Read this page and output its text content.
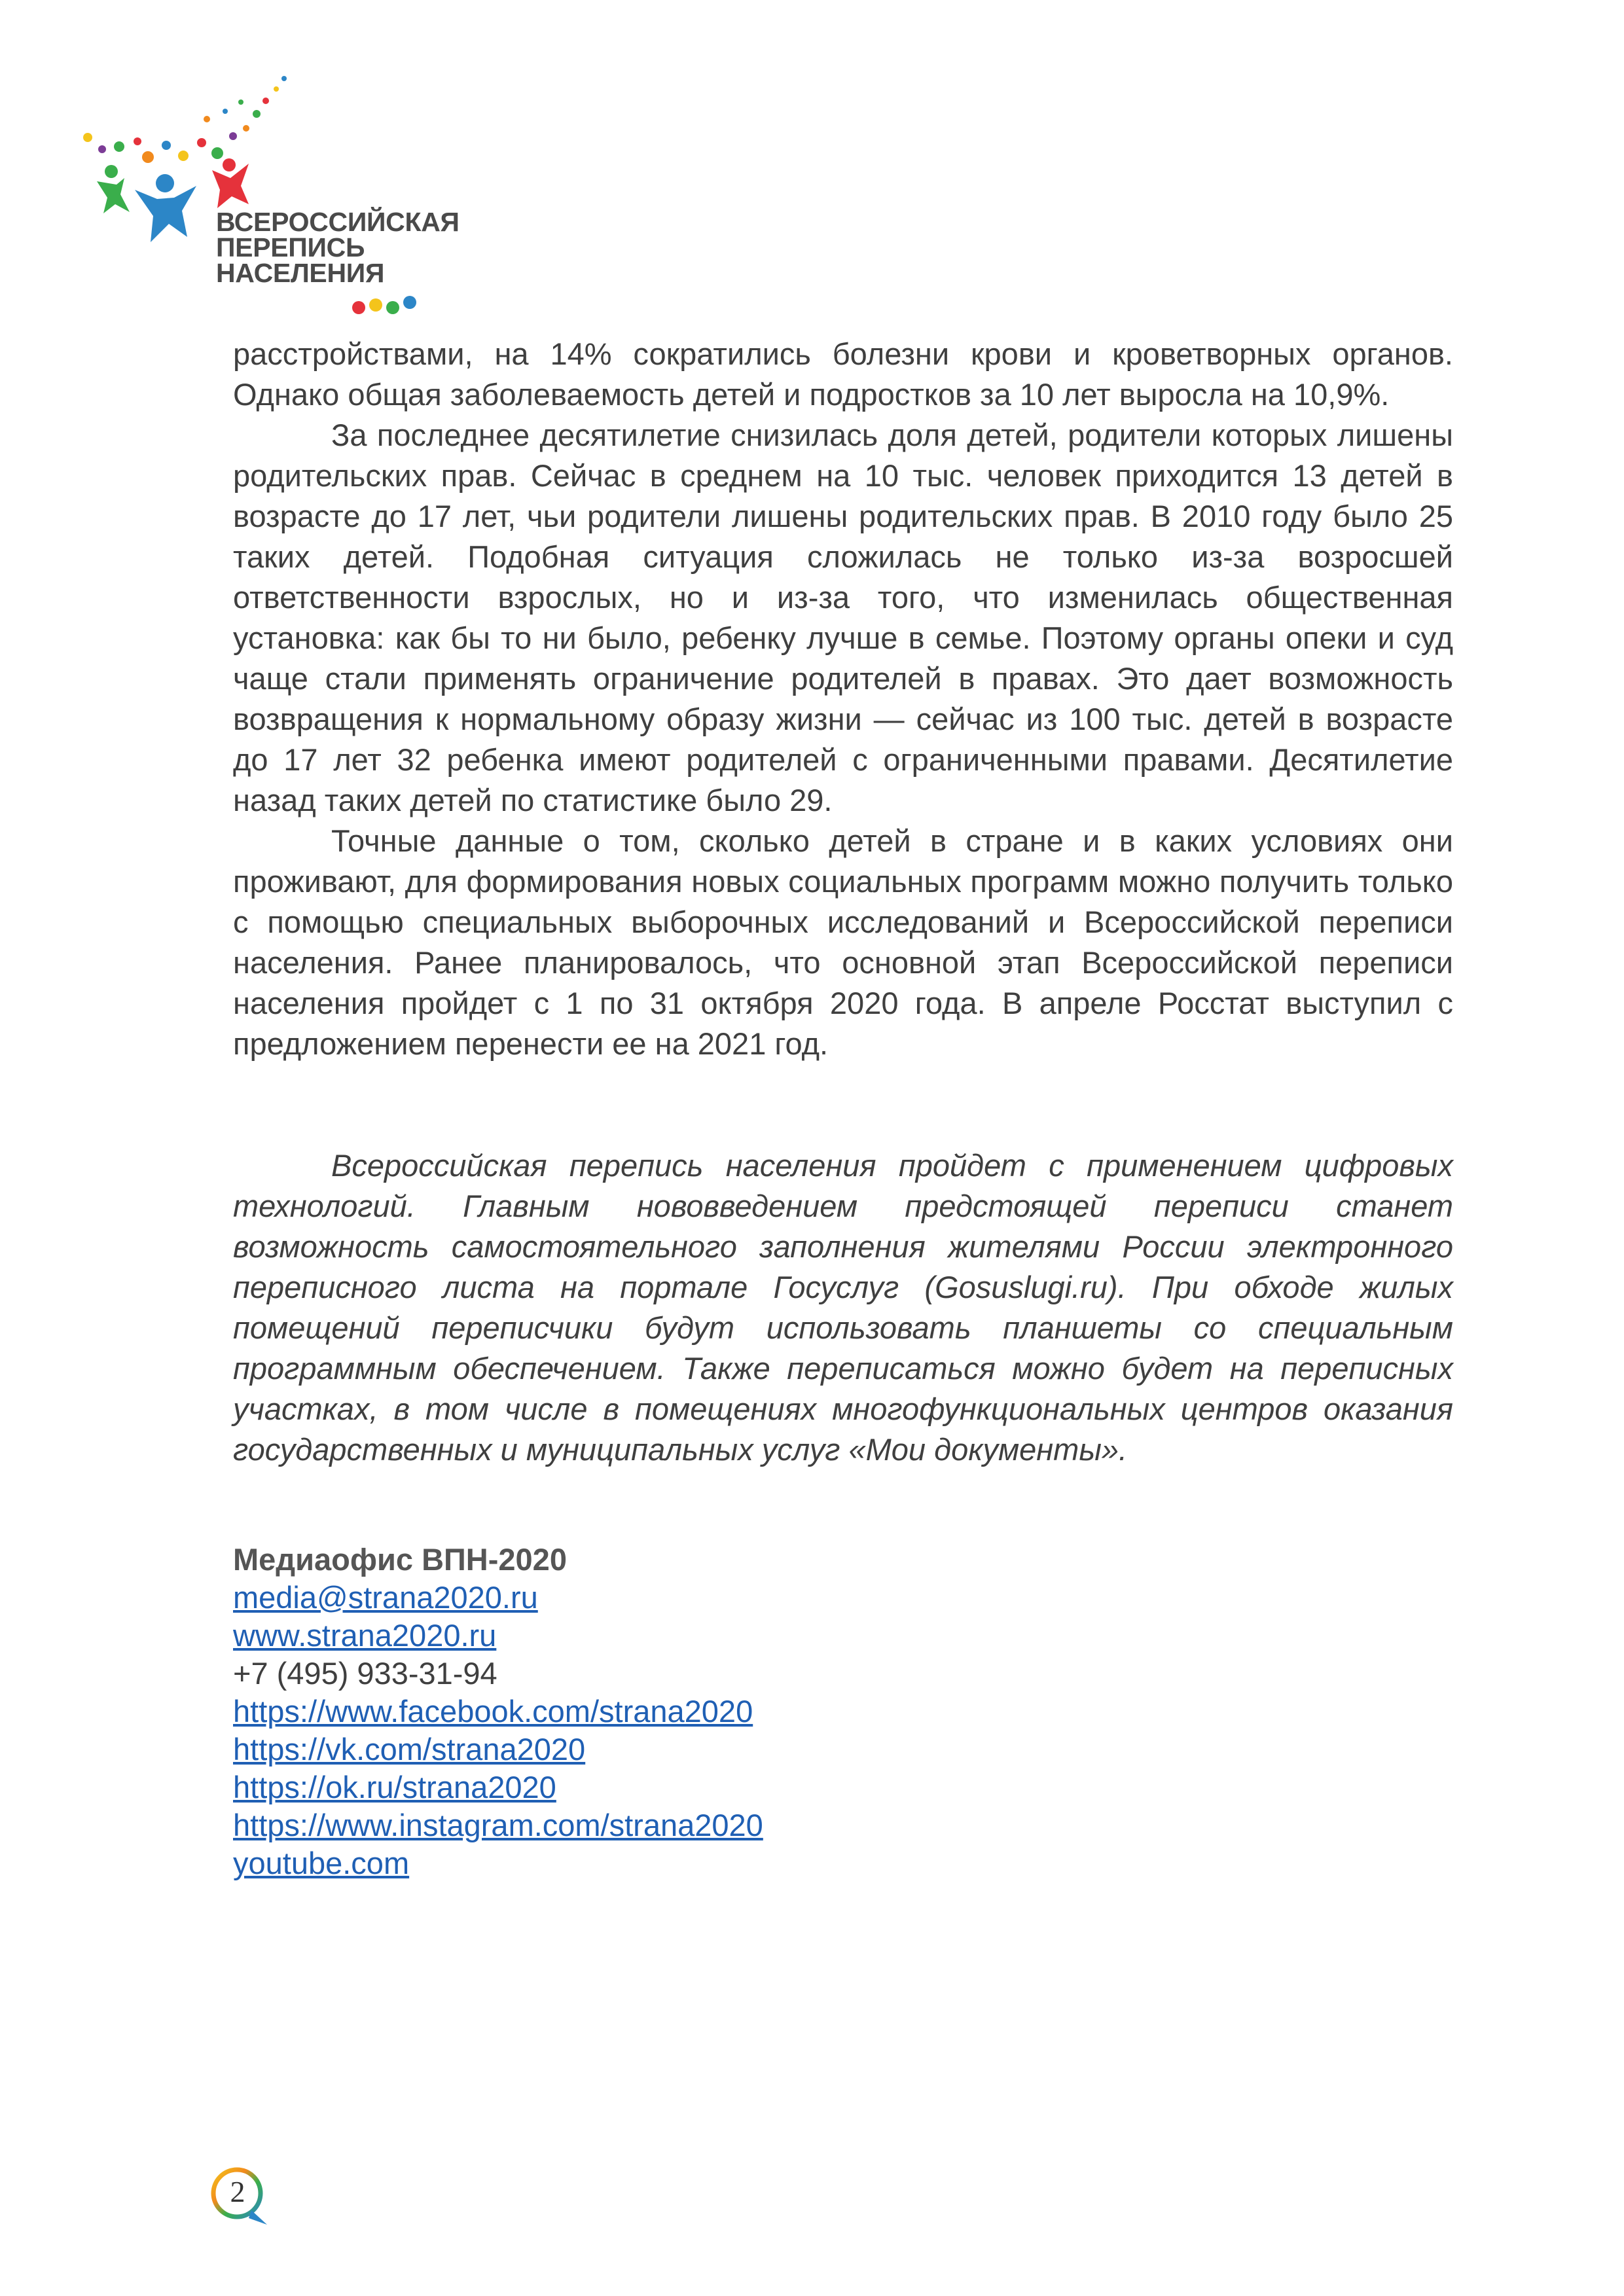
ВСЕРОССИЙСКАЯ
ПЕРЕПИСЬ
НАСЕЛЕНИЯ

расстройствами, на 14% сократились болезни крови и кроветворных органов. Однако общая заболеваемость детей и подростков за 10 лет выросла на 10,9%.

За последнее десятилетие снизилась доля детей, родители которых лишены родительских прав. Сейчас в среднем на 10 тыс. человек приходится 13 детей в возрасте до 17 лет, чьи родители лишены родительских прав. В 2010 году было 25 таких детей. Подобная ситуация сложилась не только из-за возросшей ответственности взрослых, но и из-за того, что изменилась общественная установка: как бы то ни было, ребенку лучше в семье. Поэтому органы опеки и суд чаще стали применять ограничение родителей в правах. Это дает возможность возвращения к нормальному образу жизни — сейчас из 100 тыс. детей в возрасте до 17 лет 32 ребенка имеют родителей с ограниченными правами. Десятилетие назад таких детей по статистике было 29.

Точные данные о том, сколько детей в стране и в каких условиях они проживают, для формирования новых социальных программ можно получить только с помощью специальных выборочных исследований и Всероссийской переписи населения. Ранее планировалось, что основной этап Всероссийской переписи населения пройдет с 1 по 31 октября 2020 года. В апреле Росстат выступил с предложением перенести ее на 2021 год.

Всероссийская перепись населения пройдет с применением цифровых технологий. Главным нововведением предстоящей переписи станет возможность самостоятельного заполнения жителями России электронного переписного листа на портале Госуслуг (Gosuslugi.ru). При обходе жилых помещений переписчики будут использовать планшеты со специальным программным обеспечением. Также переписаться можно будет на переписных участках, в том числе в помещениях многофункциональных центров оказания государственных и муниципальных услуг «Мои документы».

Медиаофис ВПН-2020
media@strana2020.ru
www.strana2020.ru
+7 (495) 933-31-94
https://www.facebook.com/strana2020
https://vk.com/strana2020
https://ok.ru/strana2020
https://www.instagram.com/strana2020
youtube.com
2
